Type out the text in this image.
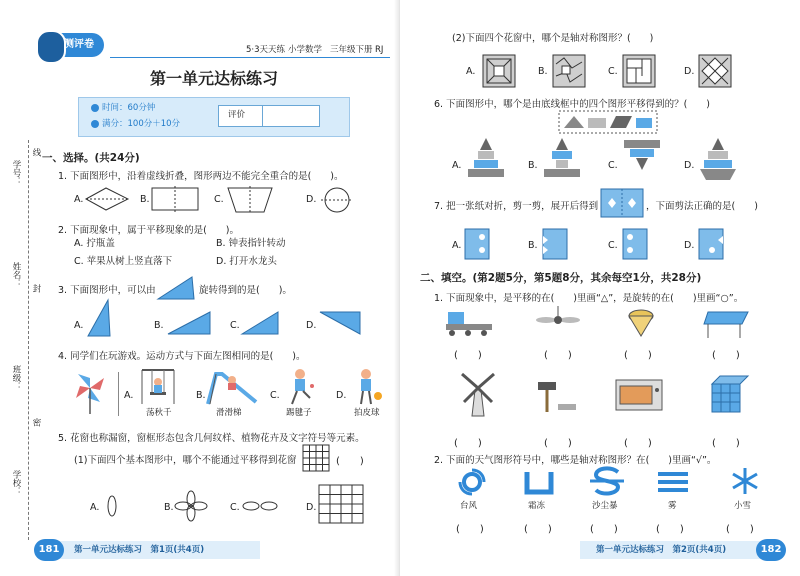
测评卷	5·3天天练 小学数学 三年级下册 RJ
第一单元达标练习
时间：60分钟
满分：100分＋10分
评价
学号：
线
姓名：
封
班级：
密
学校：
一、选择。(共24分)
1. 下面图形中，沿着虚线折叠，图形两边不能完全重合的是(　　)。
A.	B.	C.	D.
2. 下面现象中，属于平移现象的是(　　)。
A. 拧瓶盖	B. 钟表指针转动
C. 苹果从树上竖直落下	D. 打开水龙头
3. 下面图形中，可以由	旋转得到的是(　　)。
A.	B.	C.	D.
4. 同学们在玩游戏。运动方式与下面左图相同的是(　　)。
A.
荡秋千
B.
滑滑梯
C.
踢毽子
D.
拍皮球
5. 花窗也称漏窗，窗框形态包含几何纹样、植物花卉及文字符号等元素。
(1)下面四个基本图形中，哪个不能通过平移得到花窗	(　　)
A.	B.	C.	D.
181	第一单元达标练习　第1页(共4页)
(2)下面四个花窗中，哪个是轴对称图形？(　　)
A.	B.	C.	D.
6. 下面图形中，哪个是由底线框中的四个图形平移得到的？(　　)
A.	B.	C.	D.
7. 把一张纸对折，剪一剪，展开后得到	，下面剪法正确的是(　　)
A.	B.	C.	D.
二、填空。(第2题5分，第5题8分，其余每空1分，共28分)
1. 下面现象中，是平移的在(　　)里画“△”，是旋转的在(　　)里画“○”。
(　　)	(　　)	(　　)	(　　)
(　　)	(　　)	(　　)	(　　)
2. 下面的天气图形符号中，哪些是轴对称图形？在(　　)里画“√”。
台风
(　　)
霜冻
(　　)
沙尘暴
(　　)
雾
(　　)
小雪
(　　)
第一单元达标练习　第2页(共4页)	182
